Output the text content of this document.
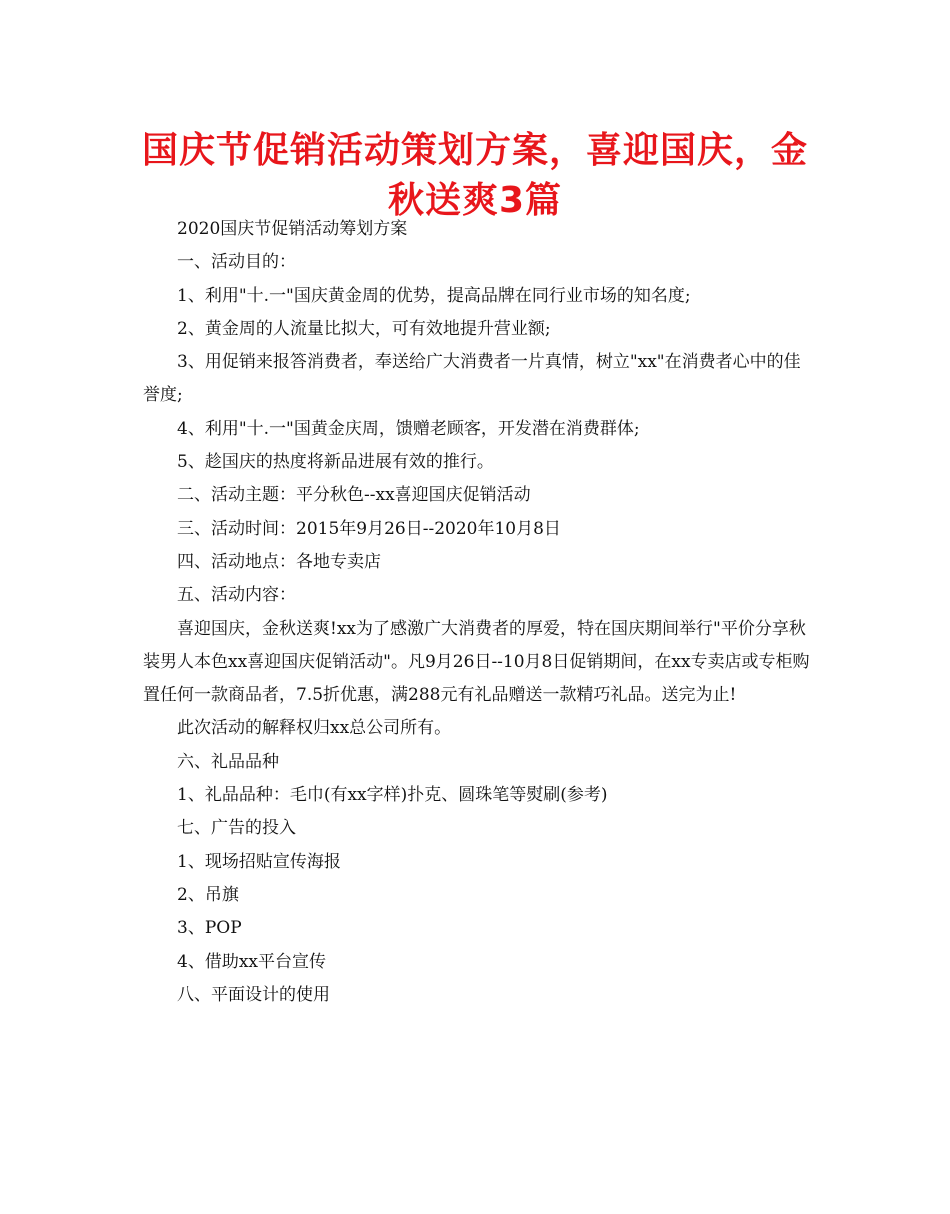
国庆节促销活动策划方案，喜迎国庆，金秋送爽3篇

2020国庆节促销活动筹划方案

一、活动目的：

1、利用"十.一"国庆黄金周的优势，提高品牌在同行业市场的知名度;

2、黄金周的人流量比拟大，可有效地提升营业额;

3、用促销来报答消费者，奉送给广大消费者一片真情，树立"xx"在消费者心中的佳誉度;

4、利用"十.一"国黄金庆周，馈赠老顾客，开发潜在消费群体;

5、趁国庆的热度将新品进展有效的推行。

二、活动主题：平分秋色--xx喜迎国庆促销活动

三、活动时间：2015年9月26日--2020年10月8日

四、活动地点：各地专卖店

五、活动内容：

喜迎国庆，金秋送爽!xx为了感激广大消费者的厚爱，特在国庆期间举行"平价分享秋装男人本色xx喜迎国庆促销活动"。凡9月26日--10月8日促销期间，在xx专卖店或专柜购置任何一款商品者，7.5折优惠，满288元有礼品赠送一款精巧礼品。送完为止!

此次活动的解释权归xx总公司所有。

六、礼品品种

1、礼品品种：毛巾(有xx字样)扑克、圆珠笔等熨刷(参考)

七、广告的投入

1、现场招贴宣传海报

2、吊旗

3、POP

4、借助xx平台宣传

八、平面设计的使用
